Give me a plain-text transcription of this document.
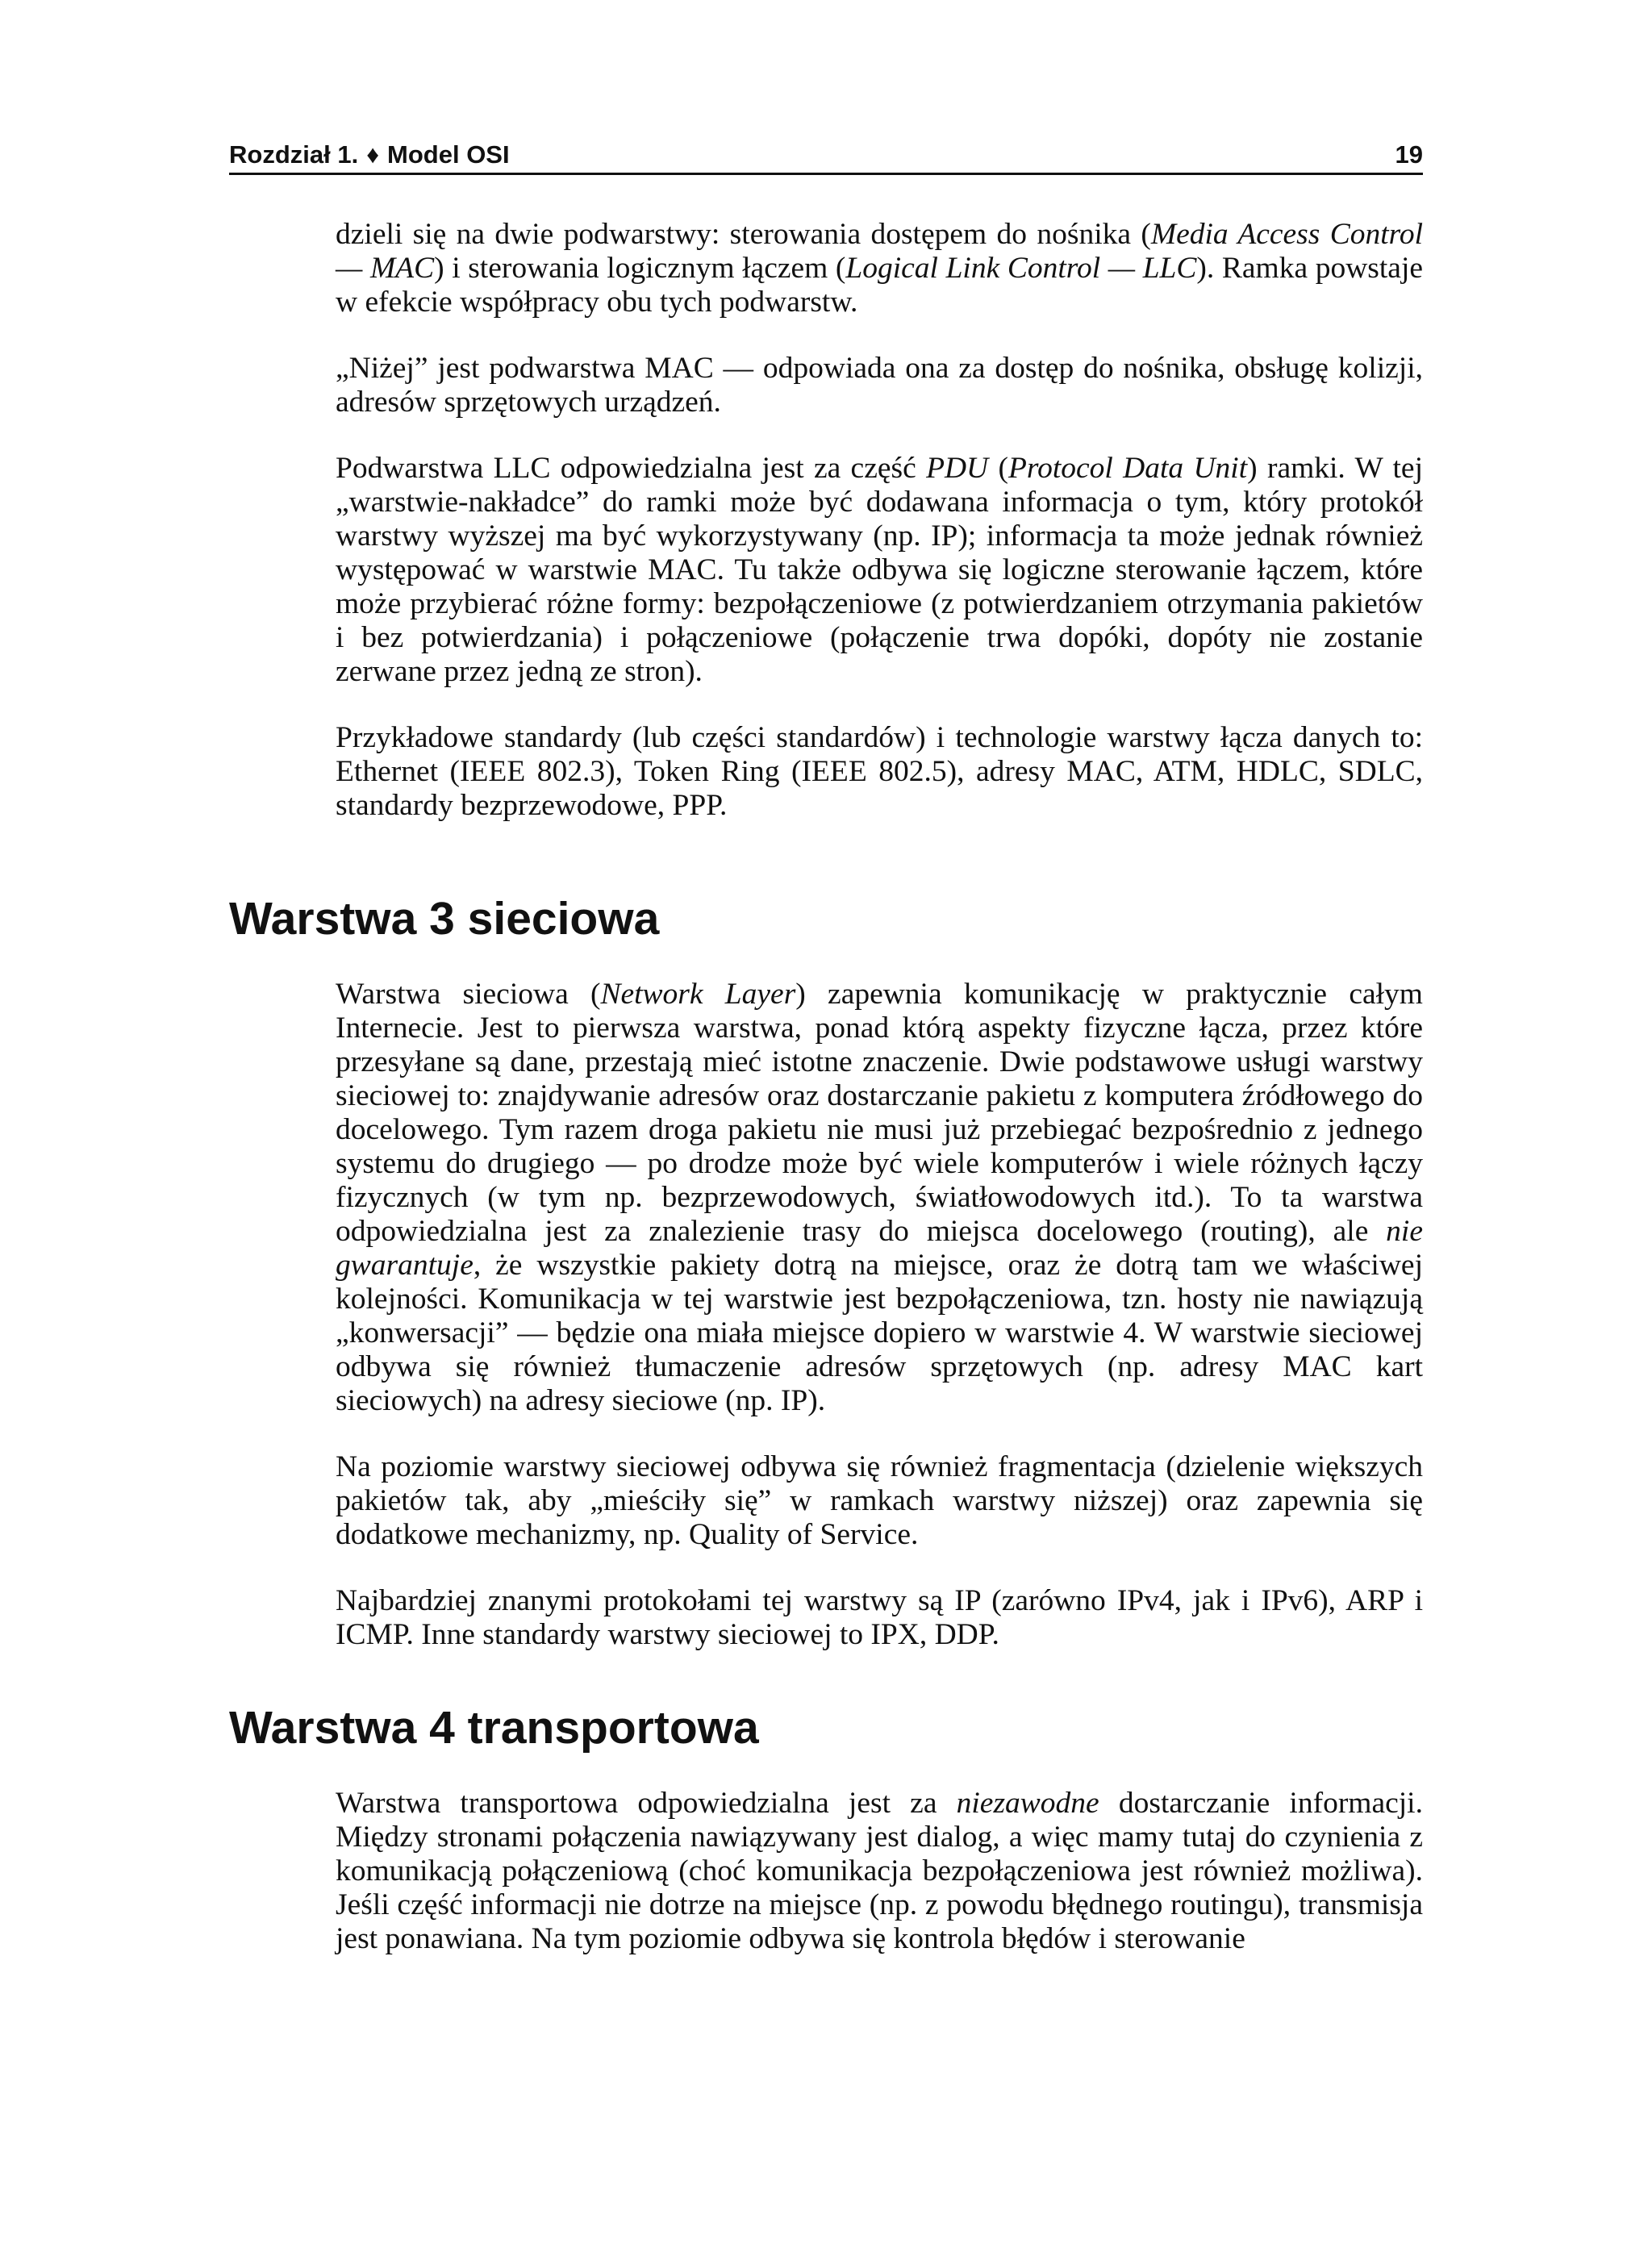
Rozdział 1. ♦ Model OSI	19

dzieli się na dwie podwarstwy: sterowania dostępem do nośnika (Media Access Control — MAC) i sterowania logicznym łączem (Logical Link Control — LLC). Ramka powstaje w efekcie współpracy obu tych podwarstw.

„Niżej” jest podwarstwa MAC — odpowiada ona za dostęp do nośnika, obsługę kolizji, adresów sprzętowych urządzeń.

Podwarstwa LLC odpowiedzialna jest za część PDU (Protocol Data Unit) ramki. W tej „warstwie-nakładce” do ramki może być dodawana informacja o tym, który protokół warstwy wyższej ma być wykorzystywany (np. IP); informacja ta może jednak również występować w warstwie MAC. Tu także odbywa się logiczne sterowanie łączem, które może przybierać różne formy: bezpołączeniowe (z potwierdzaniem otrzymania pakietów i bez potwierdzania) i połączeniowe (połączenie trwa dopóki, dopóty nie zostanie zerwane przez jedną ze stron).

Przykładowe standardy (lub części standardów) i technologie warstwy łącza danych to: Ethernet (IEEE 802.3), Token Ring (IEEE 802.5), adresy MAC, ATM, HDLC, SDLC, standardy bezprzewodowe, PPP.

Warstwa 3 sieciowa

Warstwa sieciowa (Network Layer) zapewnia komunikację w praktycznie całym Internecie. Jest to pierwsza warstwa, ponad którą aspekty fizyczne łącza, przez które przesyłane są dane, przestają mieć istotne znaczenie. Dwie podstawowe usługi warstwy sieciowej to: znajdywanie adresów oraz dostarczanie pakietu z komputera źródłowego do docelowego. Tym razem droga pakietu nie musi już przebiegać bezpośrednio z jednego systemu do drugiego — po drodze może być wiele komputerów i wiele różnych łączy fizycznych (w tym np. bezprzewodowych, światłowodowych itd.). To ta warstwa odpowiedzialna jest za znalezienie trasy do miejsca docelowego (routing), ale nie gwarantuje, że wszystkie pakiety dotrą na miejsce, oraz że dotrą tam we właściwej kolejności. Komunikacja w tej warstwie jest bezpołączeniowa, tzn. hosty nie nawiązują „konwersacji” — będzie ona miała miejsce dopiero w warstwie 4. W warstwie sieciowej odbywa się również tłumaczenie adresów sprzętowych (np. adresy MAC kart sieciowych) na adresy sieciowe (np. IP).

Na poziomie warstwy sieciowej odbywa się również fragmentacja (dzielenie większych pakietów tak, aby „mieściły się” w ramkach warstwy niższej) oraz zapewnia się dodatkowe mechanizmy, np. Quality of Service.

Najbardziej znanymi protokołami tej warstwy są IP (zarówno IPv4, jak i IPv6), ARP i ICMP. Inne standardy warstwy sieciowej to IPX, DDP.

Warstwa 4 transportowa

Warstwa transportowa odpowiedzialna jest za niezawodne dostarczanie informacji. Między stronami połączenia nawiązywany jest dialog, a więc mamy tutaj do czynienia z komunikacją połączeniową (choć komunikacja bezpołączeniowa jest również możliwa). Jeśli część informacji nie dotrze na miejsce (np. z powodu błędnego routingu), transmisja jest ponawiana. Na tym poziomie odbywa się kontrola błędów i sterowanie
